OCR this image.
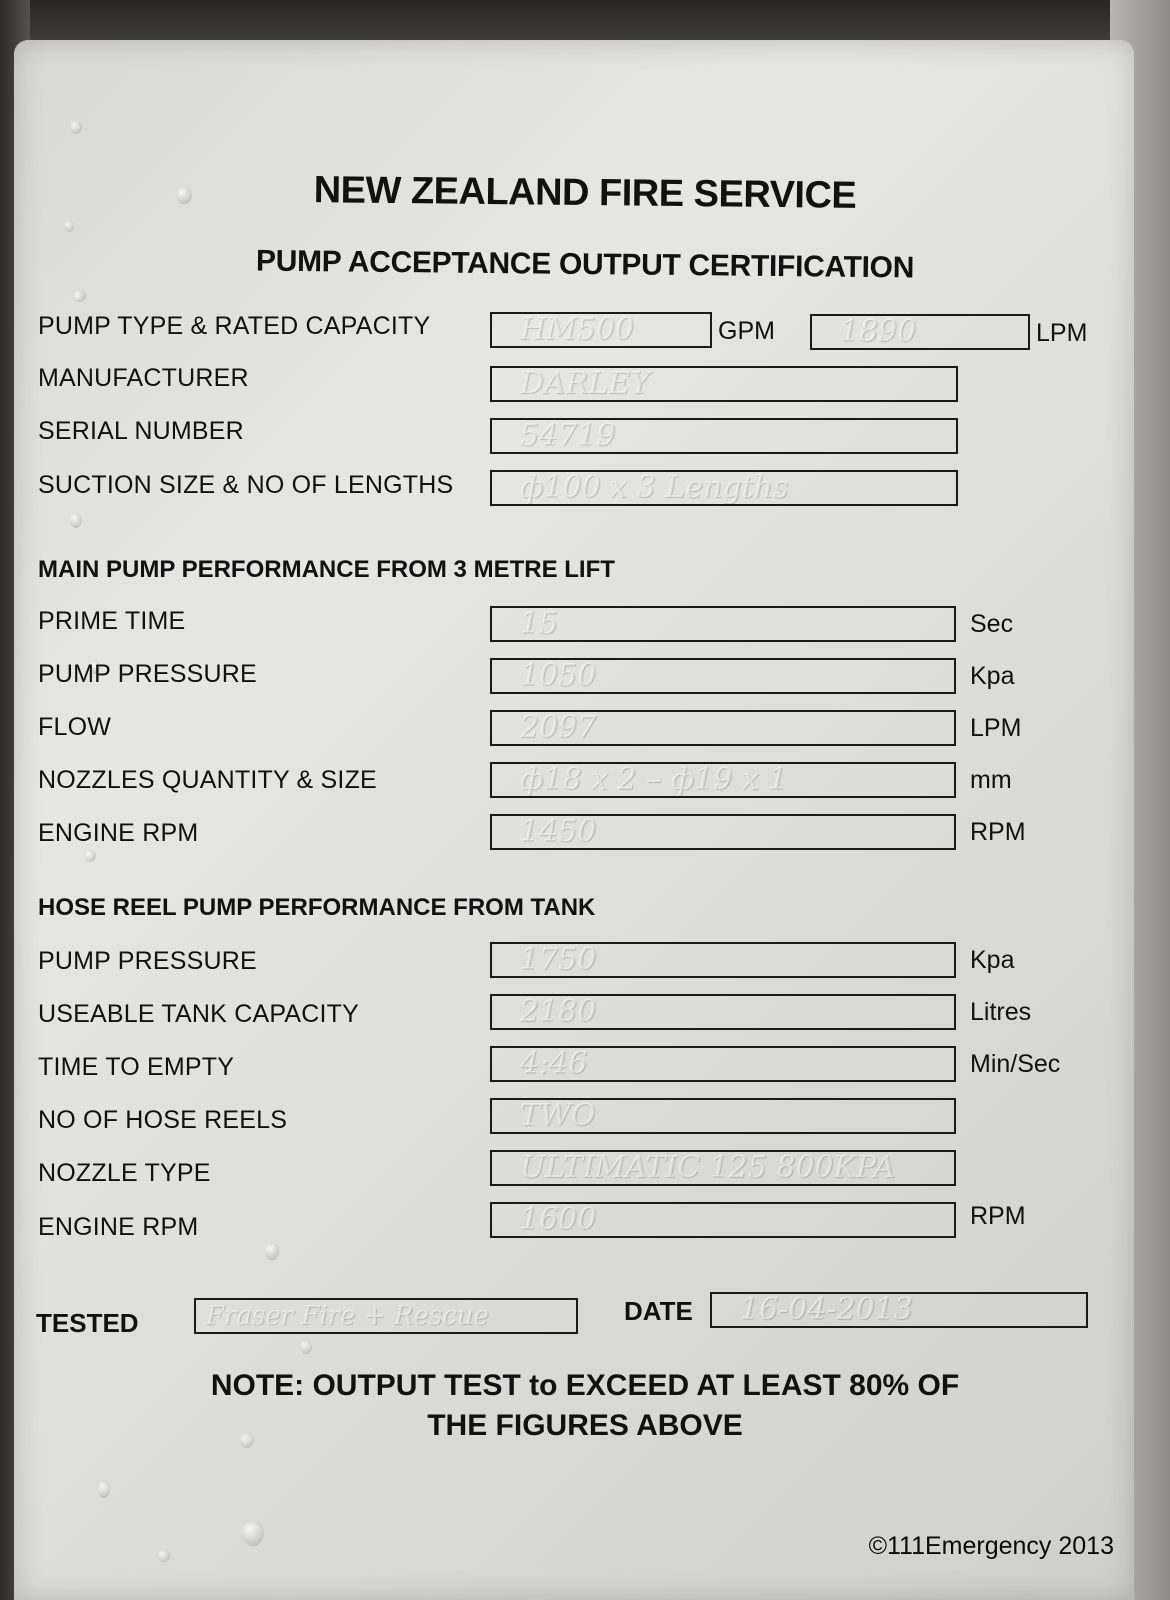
NEW ZEALAND FIRE SERVICE
PUMP ACCEPTANCE OUTPUT CERTIFICATION
PUMP TYPE & RATED CAPACITY	HM500	GPM	1890	LPM
MANUFACTURER	DARLEY
SERIAL NUMBER	54719
SUCTION SIZE & NO OF LENGTHS	ф100 x 3 Lengths
MAIN PUMP PERFORMANCE FROM 3 METRE LIFT
PRIME TIME	15	Sec
PUMP PRESSURE	1050	Kpa
FLOW	2097	LPM
NOZZLES QUANTITY & SIZE	ф18 x 2 – ф19 x 1	mm
ENGINE RPM	1450	RPM
HOSE REEL PUMP PERFORMANCE FROM TANK
PUMP PRESSURE	1750	Kpa
USEABLE TANK CAPACITY	2180	Litres
TIME TO EMPTY	4:46	Min/Sec
NO OF HOSE REELS	TWO
NOZZLE TYPE	ULTIMATIC 125 800KPA
ENGINE RPM	1600	RPM
TESTED	Fraser Fire + Rescue	DATE	16-04-2013
NOTE: OUTPUT TEST to EXCEED AT LEAST 80% OF
THE FIGURES ABOVE
©111Emergency 2013
